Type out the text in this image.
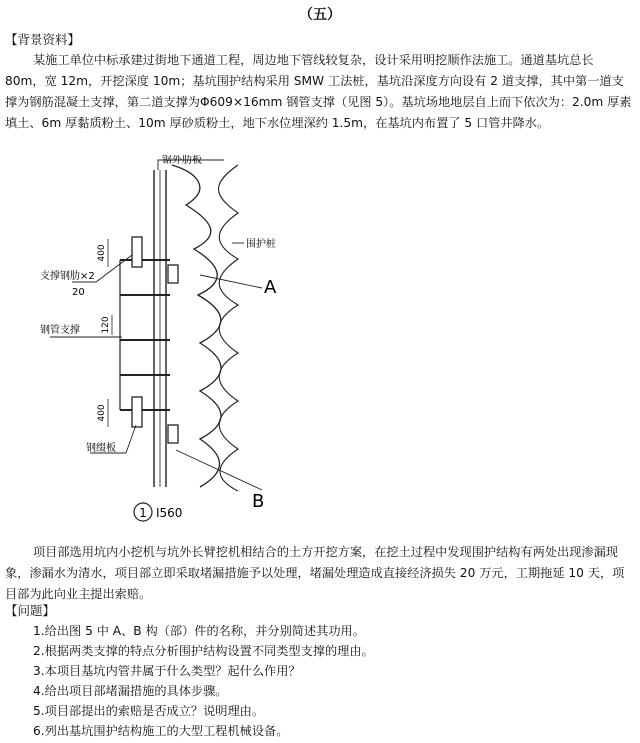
（五）
【背景资料】
某施工单位中标承建过街地下通道工程，周边地下管线较复杂，设计采用明挖顺作法施工。通道基坑总长 80m，宽 12m，开挖深度 10m；基坑围护结构采用 SMW 工法桩，基坑沿深度方向设有 2 道支撑，其中第一道支撑为钢筋混凝土支撑，第二道支撑为Φ609×16mm 钢管支撑（见图 5）。基坑场地地层自上而下依次为：2.0m 厚素填土、6m 厚黏质粉土、10m 厚砂质粉土，地下水位埋深约 1.5m，在基坑内布置了 5 口管井降水。
400
120
400
锯外肋板
围护桩
A
支撑钢肋×2
20
钢管支撑
钢缀板
B
1 I560
项目部选用坑内小挖机与坑外长臂挖机相结合的土方开挖方案，在挖土过程中发现围护结构有两处出现渗漏现象，渗漏水为清水，项目部立即采取堵漏措施予以处理，堵漏处理造成直接经济损失 20 万元，工期拖延 10 天，项目部为此向业主提出索赔。
【问题】
1.给出图 5 中 A、B 构（部）件的名称，并分别简述其功用。
2.根据两类支撑的特点分析围护结构设置不同类型支撑的理由。
3.本项目基坑内管井属于什么类型？起什么作用？
4.给出项目部堵漏措施的具体步骤。
5.项目部提出的索赔是否成立？说明理由。
6.列出基坑围护结构施工的大型工程机械设备。
